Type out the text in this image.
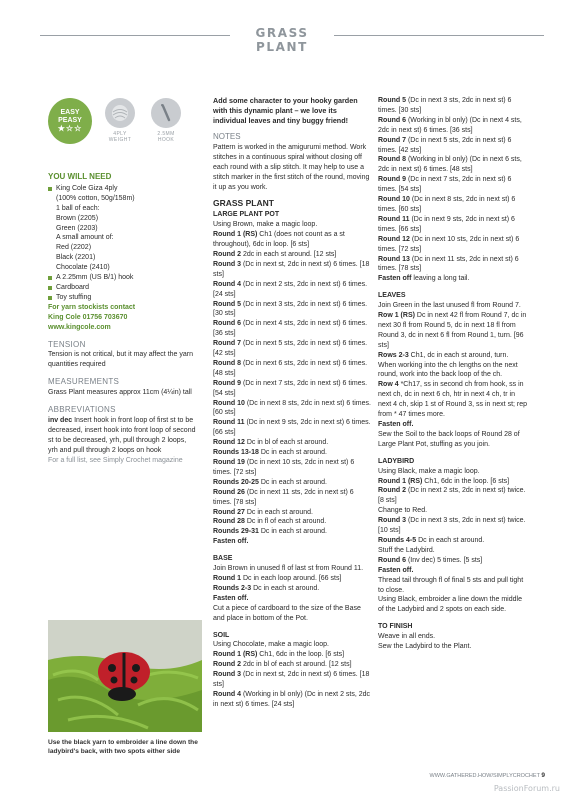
GRASS PLANT
EASY
PEASY
★☆☆
4PLY
WEIGHT
2.5MM
HOOK
YOU WILL NEED
King Cole Giza 4ply
(100% cotton, 50g/158m)
1 ball of each:
Brown (2205)
Green (2203)
A small amount of:
Red (2202)
Black (2201)
Chocolate (2410)
A 2.25mm (US B/1) hook
Cardboard
Toy stuffing
For yarn stockists contact
King Cole 01756 703670
www.kingcole.com
TENSION
Tension is not critical, but it may affect the yarn quantities required
MEASUREMENTS
Grass Plant measures approx 11cm (4¼in) tall
ABBREVIATIONS
inv dec Insert hook in front loop of first st to be decreased, insert hook into front loop of second st to be decreased, yrh, pull through 2 loops, yrh and pull through 2 loops on hook
For a full list, see Simply Crochet magazine
Use the black yarn to embroider a line down the ladybird's back, with two spots either side
Add some character to your hooky garden with this dynamic plant – we love its individual leaves and tiny buggy friend!
NOTES
Pattern is worked in the amigurumi method. Work stitches in a continuous spiral without closing off each round with a slip stitch. It may help to use a stitch marker in the first stitch of the round, moving it up as you work.
GRASS PLANT
LARGE PLANT POT
Using Brown, make a magic loop.
Round 1 (RS) Ch1 (does not count as a st throughout), 6dc in loop. [6 sts]
Round 2 2dc in each st around. [12 sts]
Round 3 (Dc in next st, 2dc in next st) 6 times. [18 sts]
Round 4 (Dc in next 2 sts, 2dc in next st) 6 times. [24 sts]
Round 5 (Dc in next 3 sts, 2dc in next st) 6 times. [30 sts]
Round 6 (Dc in next 4 sts, 2dc in next st) 6 times. [36 sts]
Round 7 (Dc in next 5 sts, 2dc in next st) 6 times. [42 sts]
Round 8 (Dc in next 6 sts, 2dc in next st) 6 times. [48 sts]
Round 9 (Dc in next 7 sts, 2dc in next st) 6 times. [54 sts]
Round 10 (Dc in next 8 sts, 2dc in next st) 6 times. [60 sts]
Round 11 (Dc in next 9 sts, 2dc in next st) 6 times. [66 sts]
Round 12 Dc in bl of each st around.
Rounds 13-18 Dc in each st around.
Round 19 (Dc in next 10 sts, 2dc in next st) 6 times. [72 sts]
Rounds 20-25 Dc in each st around.
Round 26 (Dc in next 11 sts, 2dc in next st) 6 times. [78 sts]
Round 27 Dc in each st around.
Round 28 Dc in fl of each st around.
Rounds 29-31 Dc in each st around.
Fasten off.
BASE
Join Brown in unused fl of last st from Round 11.
Round 1 Dc in each loop around. [66 sts]
Rounds 2-3 Dc in each st around.
Fasten off.
Cut a piece of cardboard to the size of the Base and place in bottom of the Pot.
SOIL
Using Chocolate, make a magic loop.
Round 1 (RS) Ch1, 6dc in the loop. [6 sts]
Round 2 2dc in bl of each st around. [12 sts]
Round 3 (Dc in next st, 2dc in next st) 6 times. [18 sts]
Round 4 (Working in bl only) (Dc in next 2 sts, 2dc in next st) 6 times. [24 sts]
Round 5 (Dc in next 3 sts, 2dc in next st) 6 times. [30 sts]
Round 6 (Working in bl only) (Dc in next 4 sts, 2dc in next st) 6 times. [36 sts]
Round 7 (Dc in next 5 sts, 2dc in next st) 6 times. [42 sts]
Round 8 (Working in bl only) (Dc in next 6 sts, 2dc in next st) 6 times. [48 sts]
Round 9 (Dc in next 7 sts, 2dc in next st) 6 times. [54 sts]
Round 10 (Dc in next 8 sts, 2dc in next st) 6 times. [60 sts]
Round 11 (Dc in next 9 sts, 2dc in next st) 6 times. [66 sts]
Round 12 (Dc in next 10 sts, 2dc in next st) 6 times. [72 sts]
Round 13 (Dc in next 11 sts, 2dc in next st) 6 times. [78 sts]
Fasten off leaving a long tail.
LEAVES
Join Green in the last unused fl from Round 7.
Row 1 (RS) Dc in next 42 fl from Round 7, dc in next 30 fl from Round 5, dc in next 18 fl from Round 3, dc in next 6 fl from Round 1, turn. [96 sts]
Rows 2-3 Ch1, dc in each st around, turn.
When working into the ch lengths on the next round, work into the back loop of the ch.
Row 4 *Ch17, ss in second ch from hook, ss in next ch, dc in next 6 ch, htr in next 4 ch, tr in next 4 ch, skip 1 st of Round 3, ss in next st; rep from * 47 times more.
Fasten off.
Sew the Soil to the back loops of Round 28 of Large Plant Pot, stuffing as you join.
LADYBIRD
Using Black, make a magic loop.
Round 1 (RS) Ch1, 6dc in the loop. [6 sts]
Round 2 (Dc in next 2 sts, 2dc in next st) twice. [8 sts]
Change to Red.
Round 3 (Dc in next 3 sts, 2dc in next st) twice. [10 sts]
Rounds 4-5 Dc in each st around.
Stuff the Ladybird.
Round 6 (Inv dec) 5 times. [5 sts]
Fasten off.
Thread tail through fl of final 5 sts and pull tight to close.
Using Black, embroider a line down the middle of the Ladybird and 2 spots on each side.
TO FINISH
Weave in all ends.
Sew the Ladybird to the Plant.
WWW.GATHERED.HOW/SIMPLYCROCHET 9
PassionForum.ru
